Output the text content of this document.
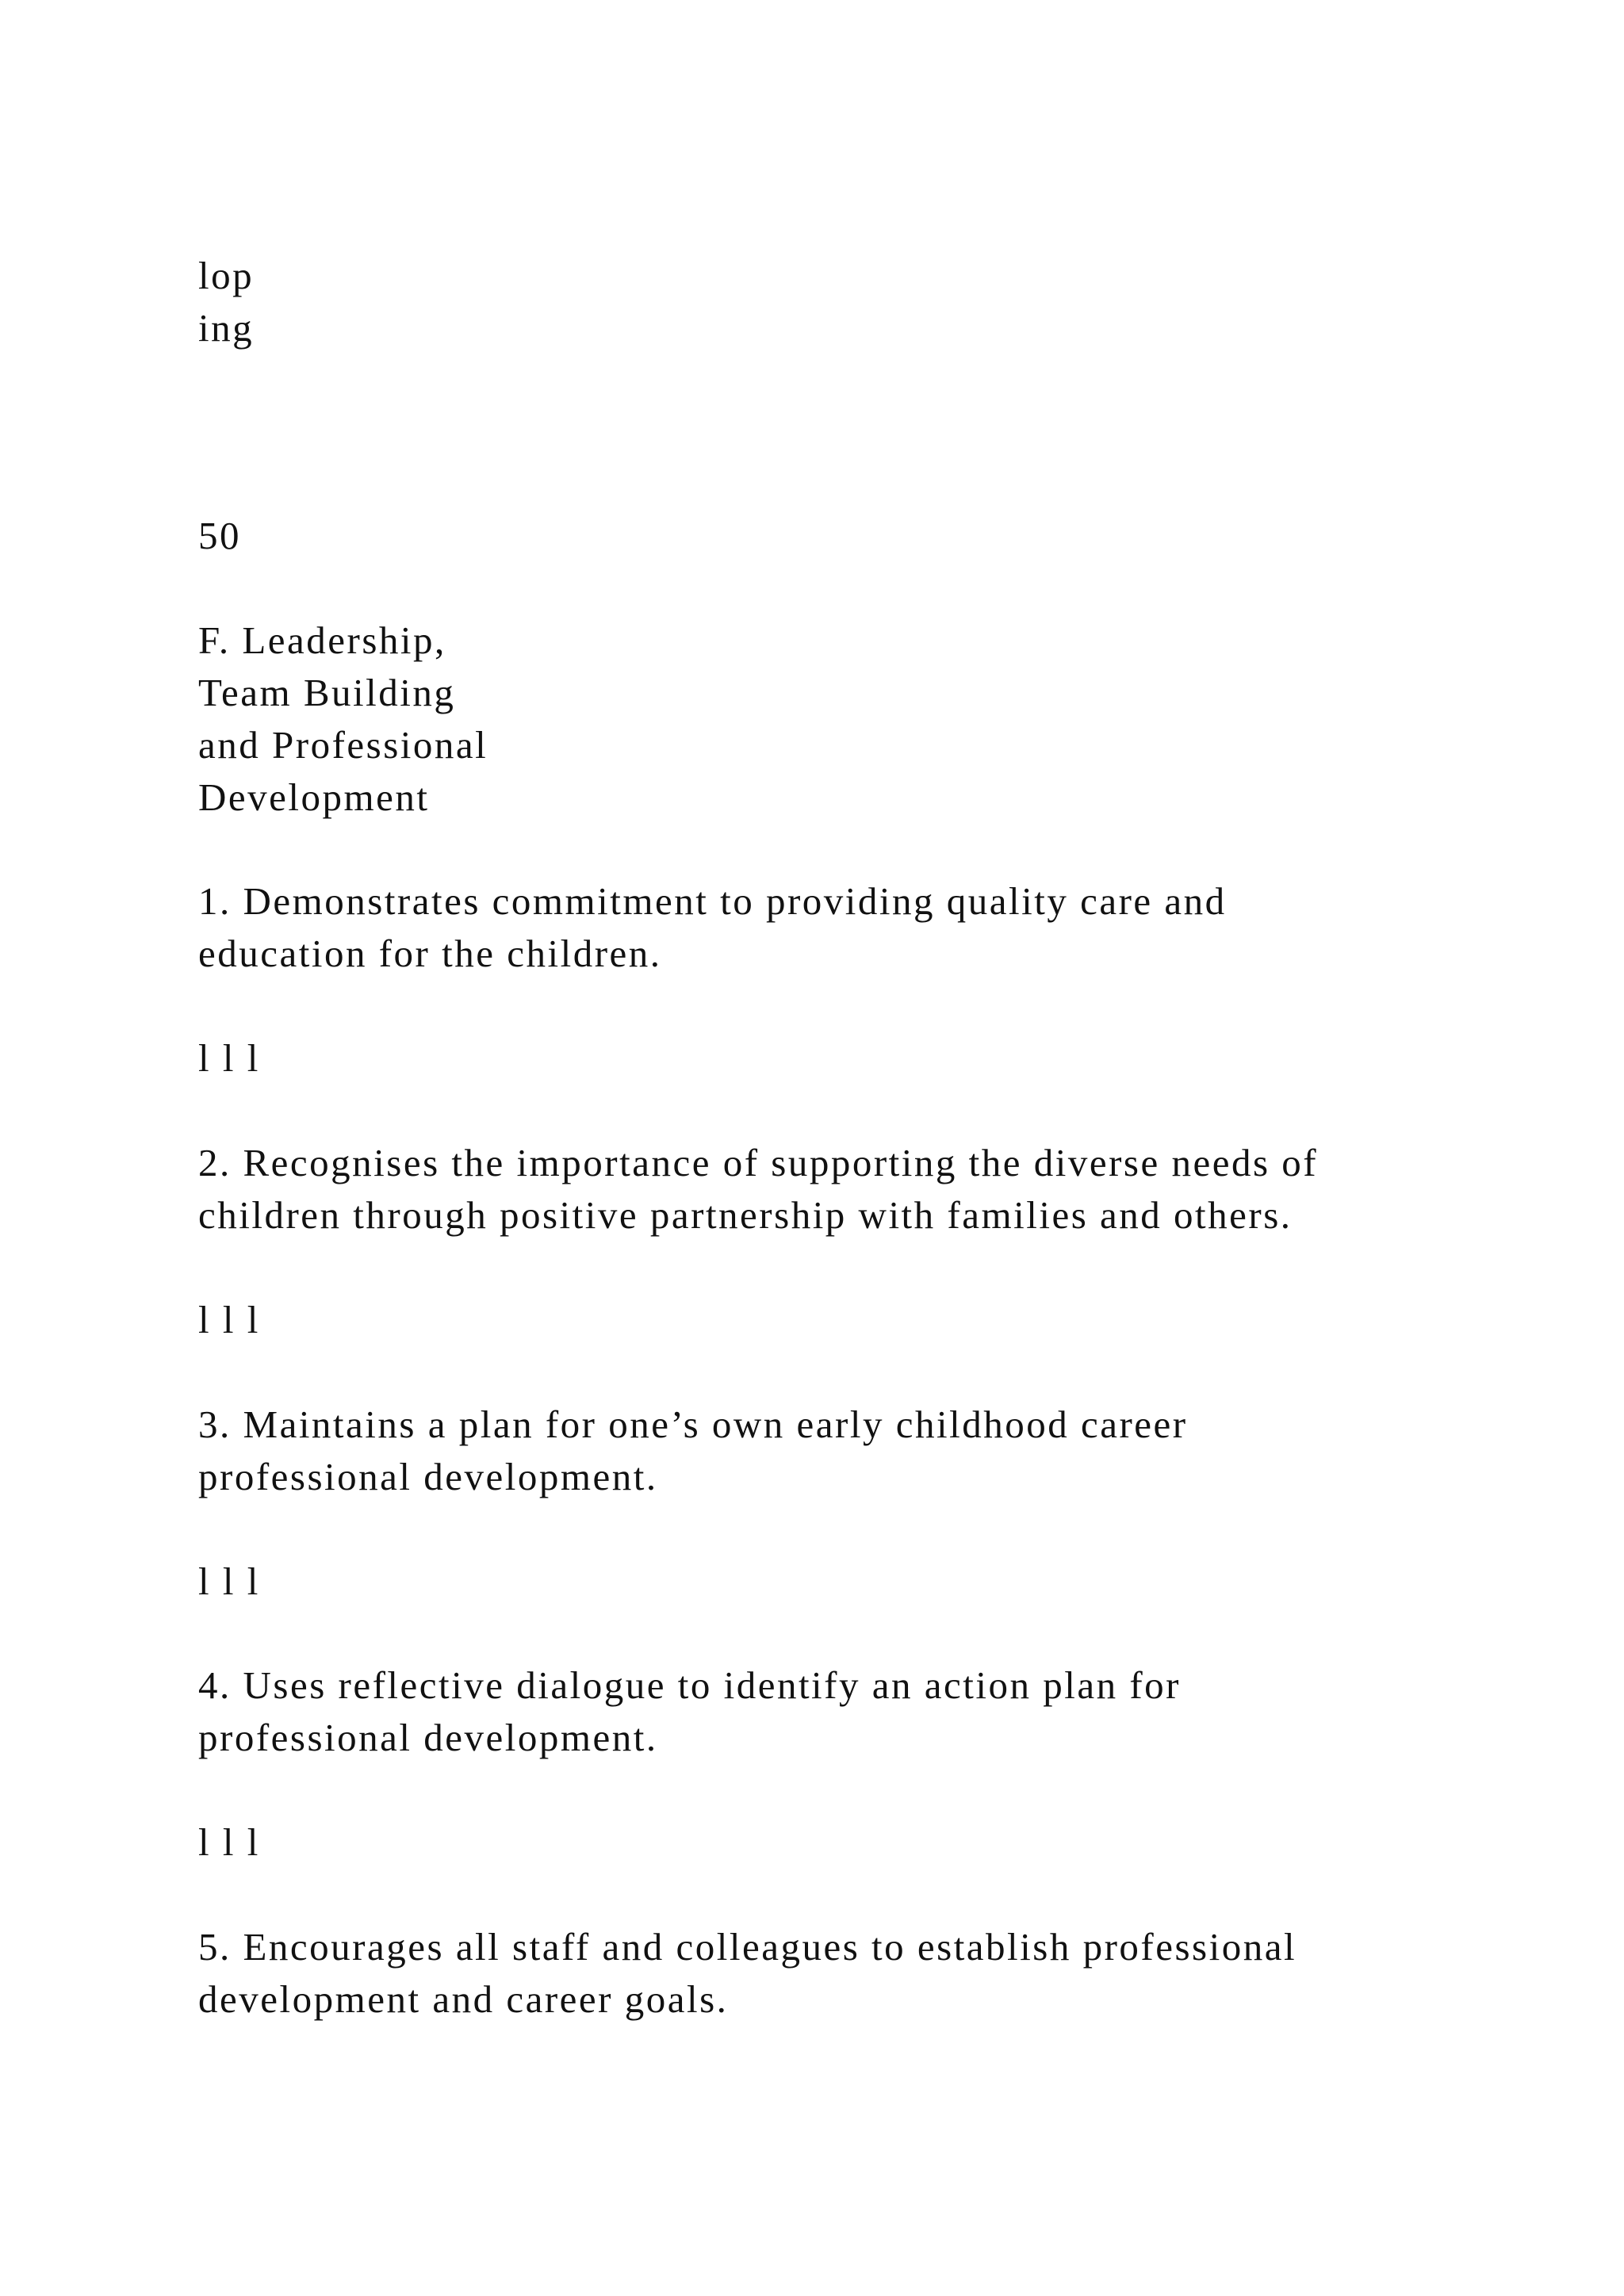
lop
ing

50

F. Leadership,
Team Building
and Professional
Development

1. Demonstrates commitment to providing quality care and
education for the children.

l l l

2. Recognises the importance of supporting the diverse needs of
children through positive partnership with families and others.

l l l

3. Maintains a plan for one’s own early childhood career
professional development.

l l l

4. Uses reflective dialogue to identify an action plan for
professional development.

l l l

5. Encourages all staff and colleagues to establish professional
development and career goals.
